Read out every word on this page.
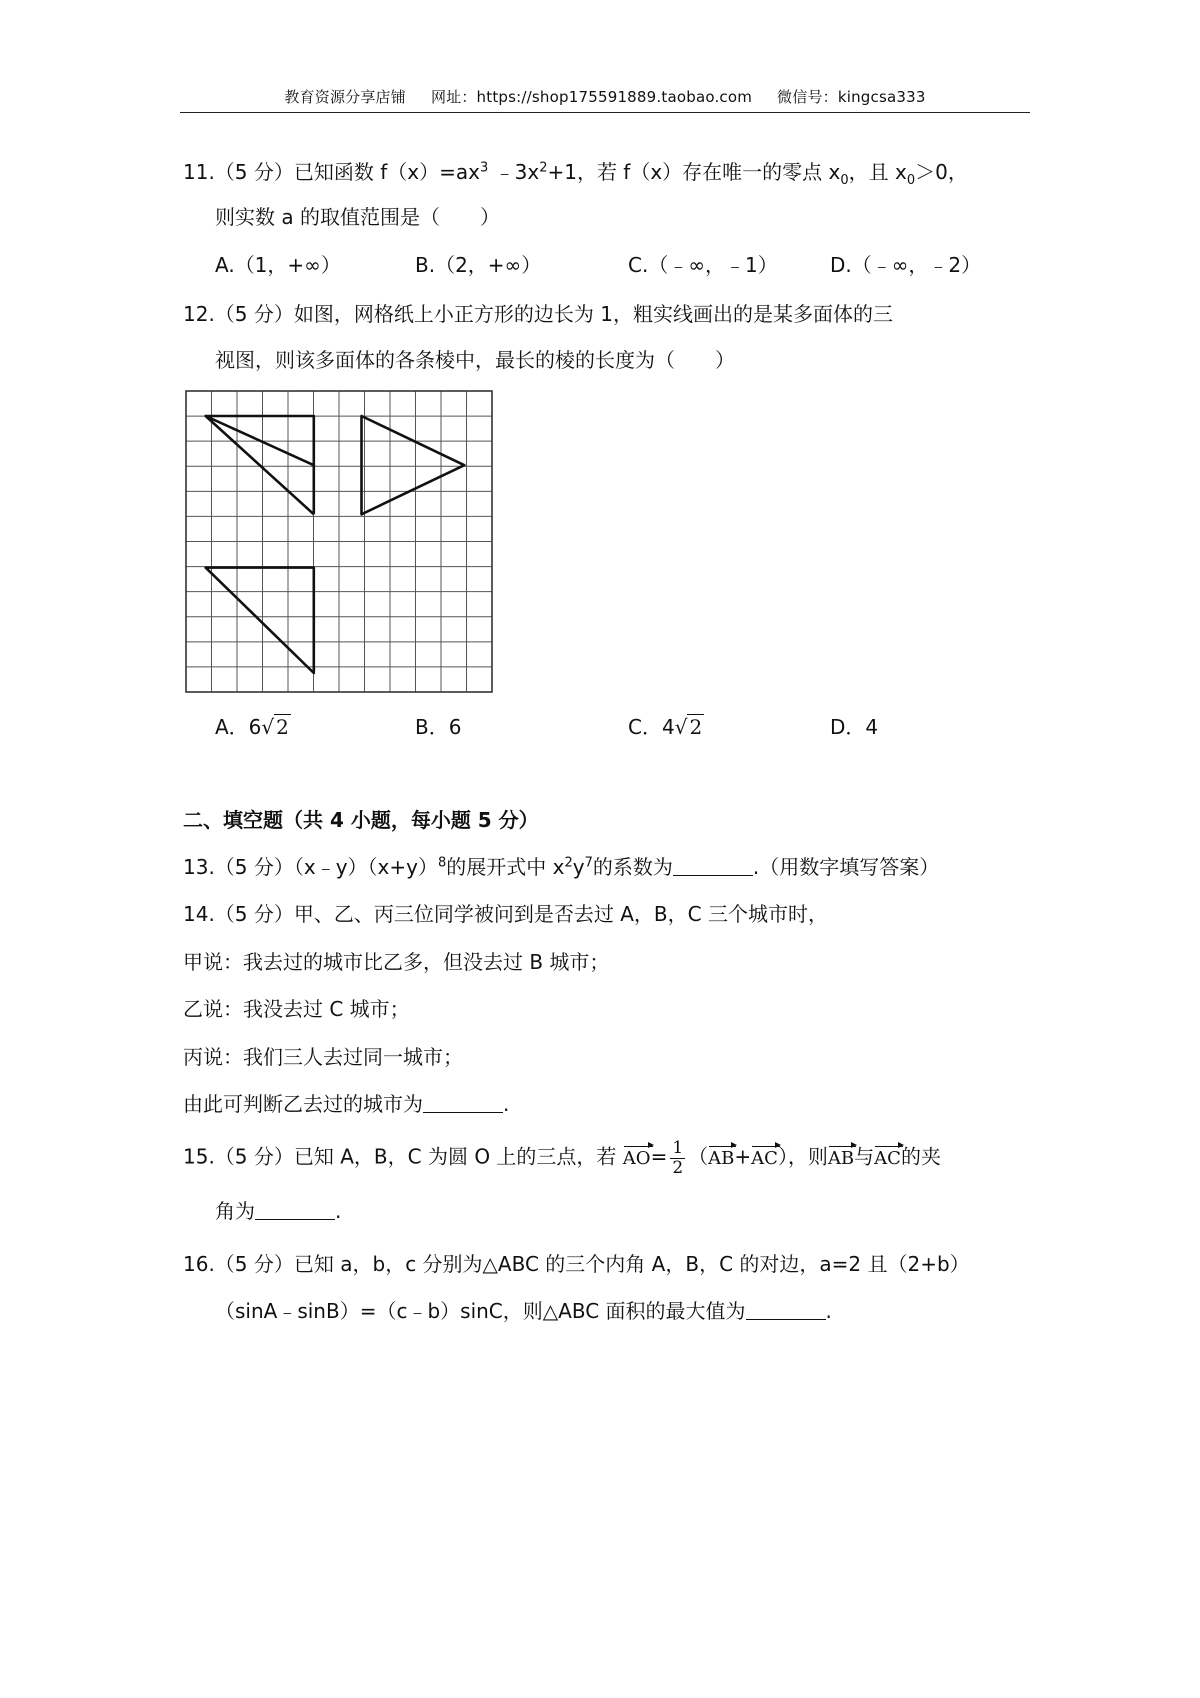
教育资源分享店铺 网址：https://shop175591889.taobao.com 微信号：kingcsa333
11.（5 分）已知函数 $f(x)=ax^3$ $﹣3x^2+1$，若 f（x）存在唯一的零点 $x_0$，且 $x_0>0$，
则实数 a 的取值范围是（　　）
A.（1，+∞）	B.（2，+∞）	C.（﹣∞，﹣1）	D.（﹣∞，﹣2）
12.（5 分）如图，网格纸上小正方形的边长为 1，粗实线画出的是某多面体的三
视图，则该多面体的各条棱中，最长的棱的长度为（　　）
A．6√ 2	B．6	C．4√ 2	D．4
二、填空题（共 4 小题，每小题 5 分）
13.（5 分）$(x﹣y)(x+y)^8$的展开式中 $x^2y^7$的系数为	.（用数字填写答案）
14.（5 分）甲、乙、丙三位同学被问到是否去过 A，B，C 三个城市时，
甲说：我去过的城市比乙多，但没去过 B 城市；
乙说：我没去过 C 城市；
丙说：我们三人去过同一城市；
由此可判断乙去过的城市为	.
15.（5 分）已知 A，B，C 为圆 O 上的三点，若 $AO= \frac{1}{2} (AB+AC)$，则AB与AC的夹
角为	.
16.（5 分）已知 a，b，c 分别为△ABC 的三个内角 A，B，C 的对边，a=2 且（2+b）
（sinA﹣sinB）=（c﹣b）sinC，则△ABC 面积的最大值为	.
